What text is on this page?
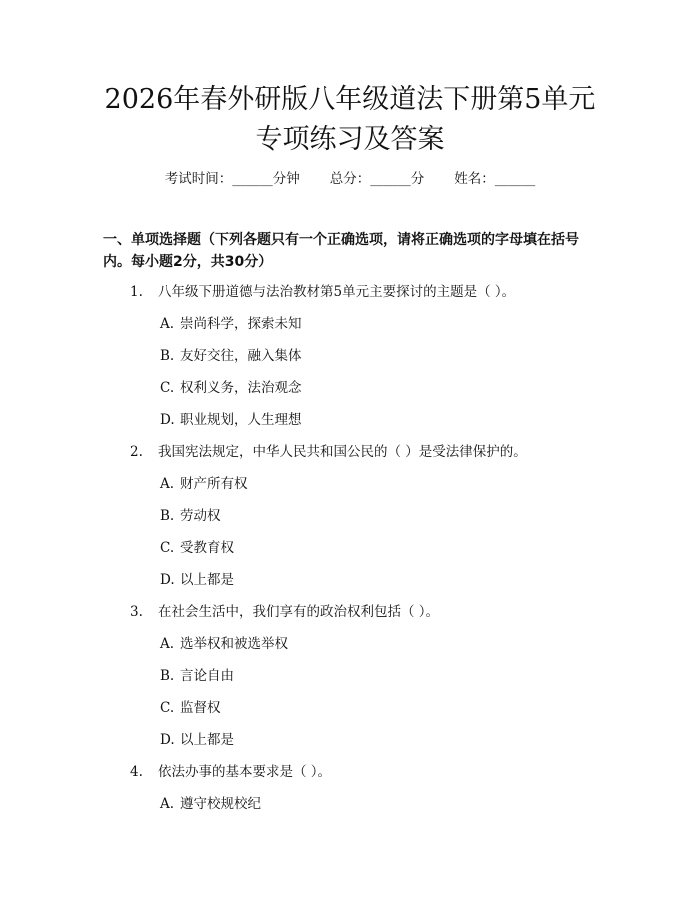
2026年春外研版八年级道法下册第5单元专项练习及答案
考试时间：______分钟 总分：______分 姓名：______
一、单项选择题（下列各题只有一个正确选项，请将正确选项的字母填在括号内。每小题2分，共30分）
1. 八年级下册道德与法治教材第5单元主要探讨的主题是（ ）。
A. 崇尚科学，探索未知
B. 友好交往，融入集体
C. 权利义务，法治观念
D. 职业规划，人生理想
2. 我国宪法规定，中华人民共和国公民的（ ）是受法律保护的。
A. 财产所有权
B. 劳动权
C. 受教育权
D. 以上都是
3. 在社会生活中，我们享有的政治权利包括（ ）。
A. 选举权和被选举权
B. 言论自由
C. 监督权
D. 以上都是
4. 依法办事的基本要求是（ ）。
A. 遵守校规校纪
